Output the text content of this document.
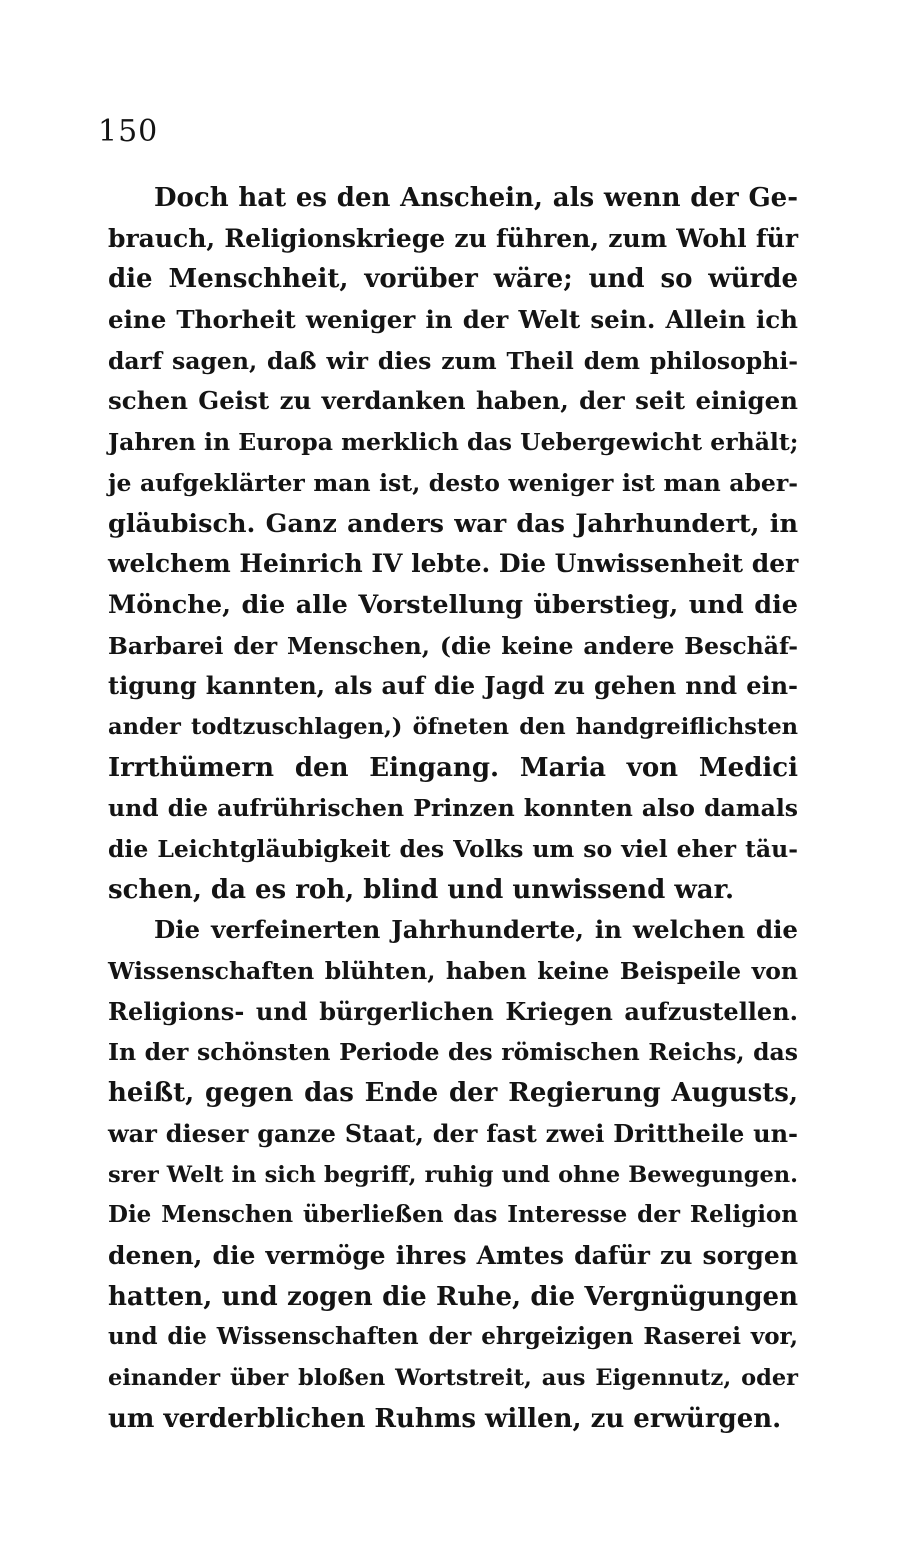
150
Doch hat es den Anschein, als wenn der Ge-
brauch, Religionskriege zu führen, zum Wohl für
die Menschheit, vorüber wäre; und so würde
eine Thorheit weniger in der Welt sein. Allein ich
darf sagen, daß wir dies zum Theil dem philosophi-
schen Geist zu verdanken haben, der seit einigen
Jahren in Europa merklich das Uebergewicht erhält;
je aufgeklärter man ist, desto weniger ist man aber-
gläubisch. Ganz anders war das Jahrhundert, in
welchem Heinrich IV lebte. Die Unwissenheit der
Mönche, die alle Vorstellung überstieg, und die
Barbarei der Menschen, (die keine andere Beschäf-
tigung kannten, als auf die Jagd zu gehen nnd ein-
ander todtzuschlagen,) öfneten den handgreiflichsten
Irrthümern den Eingang. Maria von Medici
und die aufrührischen Prinzen konnten also damals
die Leichtgläubigkeit des Volks um so viel eher täu-
schen, da es roh, blind und unwissend war.
Die verfeinerten Jahrhunderte, in welchen die
Wissenschaften blühten, haben keine Beispeile von
Religions- und bürgerlichen Kriegen aufzustellen.
In der schönsten Periode des römischen Reichs, das
heißt, gegen das Ende der Regierung Augusts,
war dieser ganze Staat, der fast zwei Drittheile un-
srer Welt in sich begriff, ruhig und ohne Bewegungen.
Die Menschen überließen das Interesse der Religion
denen, die vermöge ihres Amtes dafür zu sorgen
hatten, und zogen die Ruhe, die Vergnügungen
und die Wissenschaften der ehrgeizigen Raserei vor,
einander über bloßen Wortstreit, aus Eigennutz, oder
um verderblichen Ruhms willen, zu erwürgen.
